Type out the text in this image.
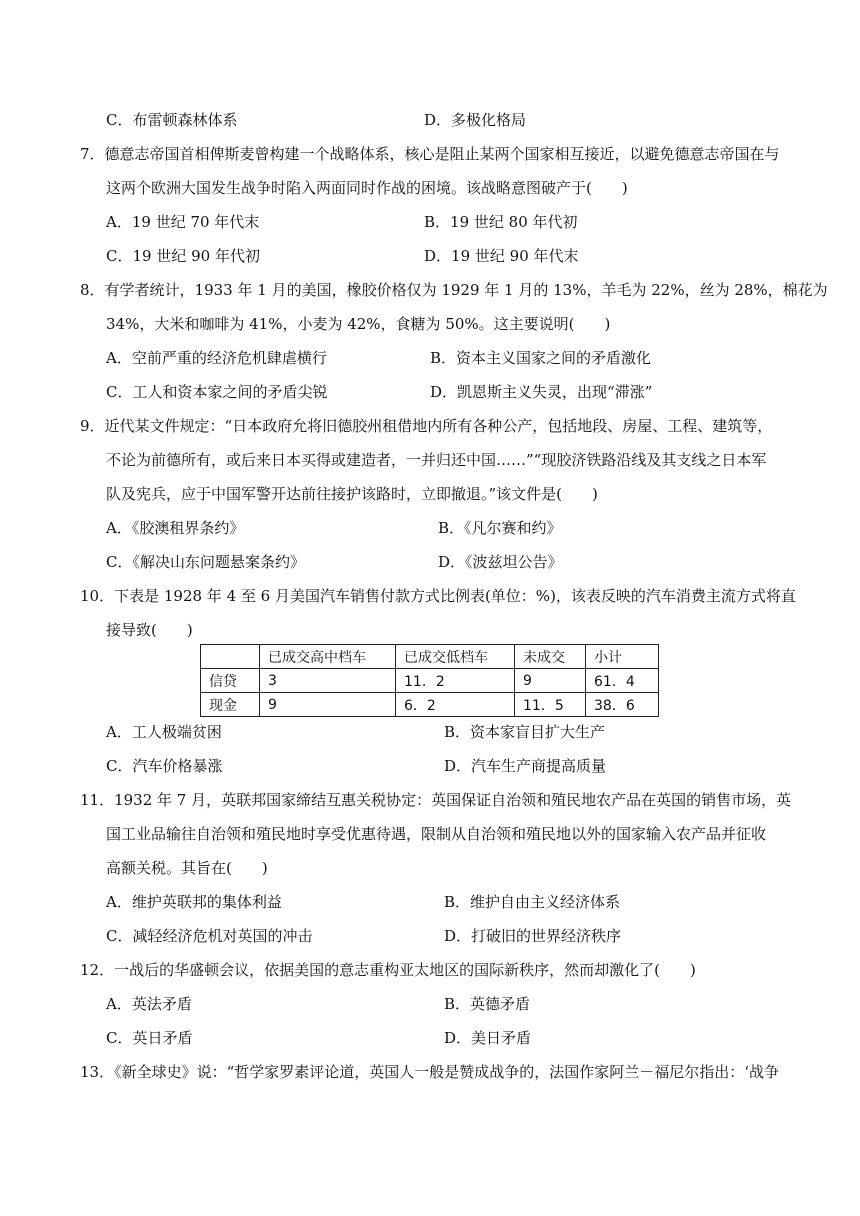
C．布雷顿森林体系	D．多极化格局
7．德意志帝国首相俾斯麦曾构建一个战略体系，核心是阻止某两个国家相互接近，以避免德意志帝国在与
这两个欧洲大国发生战争时陷入两面同时作战的困境。该战略意图破产于(　　)
A．19 世纪 70 年代末	B．19 世纪 80 年代初
C．19 世纪 90 年代初	D．19 世纪 90 年代末
8．有学者统计，1933 年 1 月的美国，橡胶价格仅为 1929 年 1 月的 13%，羊毛为 22%，丝为 28%，棉花为
34%，大米和咖啡为 41%，小麦为 42%，食糖为 50%。这主要说明(　　)
A．空前严重的经济危机肆虐横行	B．资本主义国家之间的矛盾激化
C．工人和资本家之间的矛盾尖锐	D．凯恩斯主义失灵，出现“滞涨”
9．近代某文件规定：“日本政府允将旧德胶州租借地内所有各种公产，包括地段、房屋、工程、建筑等，
不论为前德所有，或后来日本买得或建造者，一并归还中国……”“现胶济铁路沿线及其支线之日本军
队及宪兵，应于中国军警开达前往接护该路时，立即撤退。”该文件是(　　)
A．《胶澳租界条约》	B．《凡尔赛和约》
C．《解决山东问题悬案条约》	D．《波兹坦公告》
10．下表是 1928 年 4 至 6 月美国汽车销售付款方式比例表(单位：%)，该表反映的汽车消费主流方式将直
接导致(　　)
	已成交高中档车	已成交低档车	未成交	小计
信贷	3	11．2	9	61．4
现金	9	6．2	11．5	38．6
A．工人极端贫困	B．资本家盲目扩大生产
C．汽车价格暴涨	D．汽车生产商提高质量
11．1932 年 7 月，英联邦国家缔结互惠关税协定：英国保证自治领和殖民地农产品在英国的销售市场，英
国工业品输往自治领和殖民地时享受优惠待遇，限制从自治领和殖民地以外的国家输入农产品并征收
高额关税。其旨在(　　)
A．维护英联邦的集体利益	B．维护自由主义经济体系
C．减轻经济危机对英国的冲击	D．打破旧的世界经济秩序
12．一战后的华盛顿会议，依据美国的意志重构亚太地区的国际新秩序，然而却激化了(　　)
A．英法矛盾	B．英德矛盾
C．英日矛盾	D．美日矛盾
13．《新全球史》说：“哲学家罗素评论道，英国人一般是赞成战争的，法国作家阿兰－福尼尔指出：‘战争
